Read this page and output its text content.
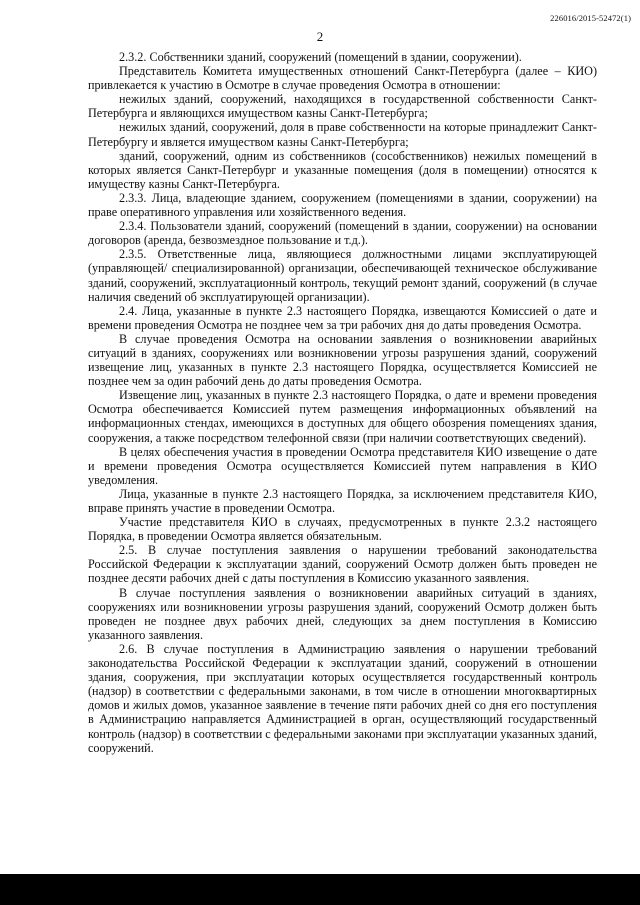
226016/2015-52472(1)
2

2.3.2. Собственники зданий, сооружений (помещений в здании, сооружении).

Представитель Комитета имущественных отношений Санкт-Петербурга (далее – КИО) привлекается к участию в Осмотре в случае проведения Осмотра в отношении:

нежилых зданий, сооружений, находящихся в государственной собственности Санкт-Петербурга и являющихся имуществом казны Санкт-Петербурга;

нежилых зданий, сооружений, доля в праве собственности на которые принадлежит Санкт-Петербургу и является имуществом казны Санкт-Петербурга;

зданий, сооружений, одним из собственников (сособственников) нежилых помещений в которых является Санкт-Петербург и указанные помещения (доля в помещении) относятся к имуществу казны Санкт-Петербурга.

2.3.3. Лица, владеющие зданием, сооружением (помещениями в здании, сооружении) на праве оперативного управления или хозяйственного ведения.

2.3.4. Пользователи зданий, сооружений (помещений в здании, сооружении) на основании договоров (аренда, безвозмездное пользование и т.д.).

2.3.5. Ответственные лица, являющиеся должностными лицами эксплуатирующей (управляющей/ специализированной) организации, обеспечивающей техническое обслуживание зданий, сооружений, эксплуатационный контроль, текущий ремонт зданий, сооружений (в случае наличия сведений об эксплуатирующей организации).

2.4. Лица, указанные в пункте 2.3 настоящего Порядка, извещаются Комиссией о дате и времени проведения Осмотра не позднее чем за три рабочих дня до даты проведения Осмотра.

В случае проведения Осмотра на основании заявления о возникновении аварийных ситуаций в зданиях, сооружениях или возникновении угрозы разрушения зданий, сооружений извещение лиц, указанных в пункте 2.3 настоящего Порядка, осуществляется Комиссией не позднее чем за один рабочий день до даты проведения Осмотра.

Извещение лиц, указанных в пункте 2.3 настоящего Порядка, о дате и времени проведения Осмотра обеспечивается Комиссией путем размещения информационных объявлений на информационных стендах, имеющихся в доступных для общего обозрения помещениях здания, сооружения, а также посредством телефонной связи (при наличии соответствующих сведений).

В целях обеспечения участия в проведении Осмотра представителя КИО извещение о дате и времени проведения Осмотра осуществляется Комиссией путем направления в КИО уведомления.

Лица, указанные в пункте 2.3 настоящего Порядка, за исключением представителя КИО, вправе принять участие в проведении Осмотра.

Участие представителя КИО в случаях, предусмотренных в пункте 2.3.2 настоящего Порядка, в проведении Осмотра является обязательным.

2.5. В случае поступления заявления о нарушении требований законодательства Российской Федерации к эксплуатации зданий, сооружений Осмотр должен быть проведен не позднее десяти рабочих дней с даты поступления в Комиссию указанного заявления.

В случае поступления заявления о возникновении аварийных ситуаций в зданиях, сооружениях или возникновении угрозы разрушения зданий, сооружений Осмотр должен быть проведен не позднее двух рабочих дней, следующих за днем поступления в Комиссию указанного заявления.

2.6. В случае поступления в Администрацию заявления о нарушении требований законодательства Российской Федерации к эксплуатации зданий, сооружений в отношении здания, сооружения, при эксплуатации которых осуществляется государственный контроль (надзор) в соответствии с федеральными законами, в том числе в отношении многоквартирных домов и жилых домов, указанное заявление в течение пяти рабочих дней со дня его поступления в Администрацию направляется Администрацией в орган, осуществляющий государственный контроль (надзор) в соответствии с федеральными законами при эксплуатации указанных зданий, сооружений.
